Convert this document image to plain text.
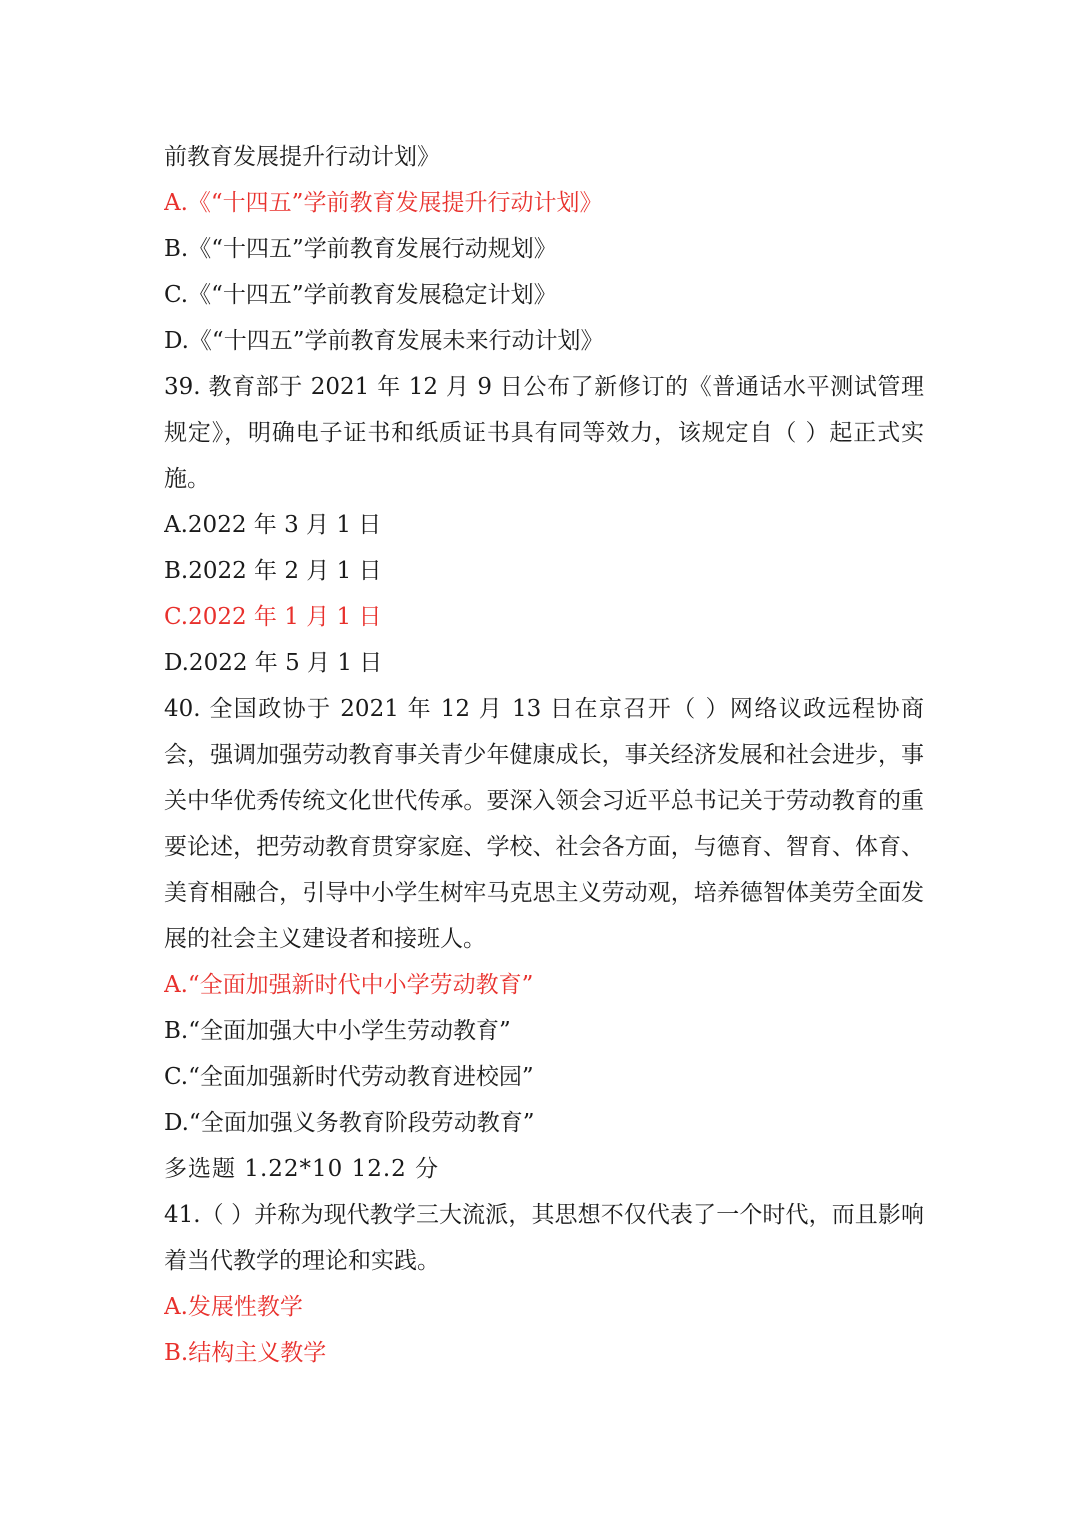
前教育发展提升行动计划》
A.《“十四五”学前教育发展提升行动计划》
B.《“十四五”学前教育发展行动规划》
C.《“十四五”学前教育发展稳定计划》
D.《“十四五”学前教育发展未来行动计划》
39. 教育部于 2021 年 12 月 9 日公布了新修订的《普通话水平测试管理规定》，明确电子证书和纸质证书具有同等效力，该规定自（ ）起正式实施。
A.2022 年 3 月 1 日
B.2022 年 2 月 1 日
C.2022 年 1 月 1 日
D.2022 年 5 月 1 日
40. 全国政协于 2021 年 12 月 13 日在京召开（ ）网络议政远程协商会，强调加强劳动教育事关青少年健康成长，事关经济发展和社会进步，事关中华优秀传统文化世代传承。要深入领会习近平总书记关于劳动教育的重要论述，把劳动教育贯穿家庭、学校、社会各方面，与德育、智育、体育、美育相融合，引导中小学生树牢马克思主义劳动观，培养德智体美劳全面发展的社会主义建设者和接班人。
A.“全面加强新时代中小学劳动教育”
B.“全面加强大中小学生劳动教育”
C.“全面加强新时代劳动教育进校园”
D.“全面加强义务教育阶段劳动教育”
多选题 1.22*10 12.2 分
41.（ ）并称为现代教学三大流派，其思想不仅代表了一个时代，而且影响着当代教学的理论和实践。
A.发展性教学
B.结构主义教学
